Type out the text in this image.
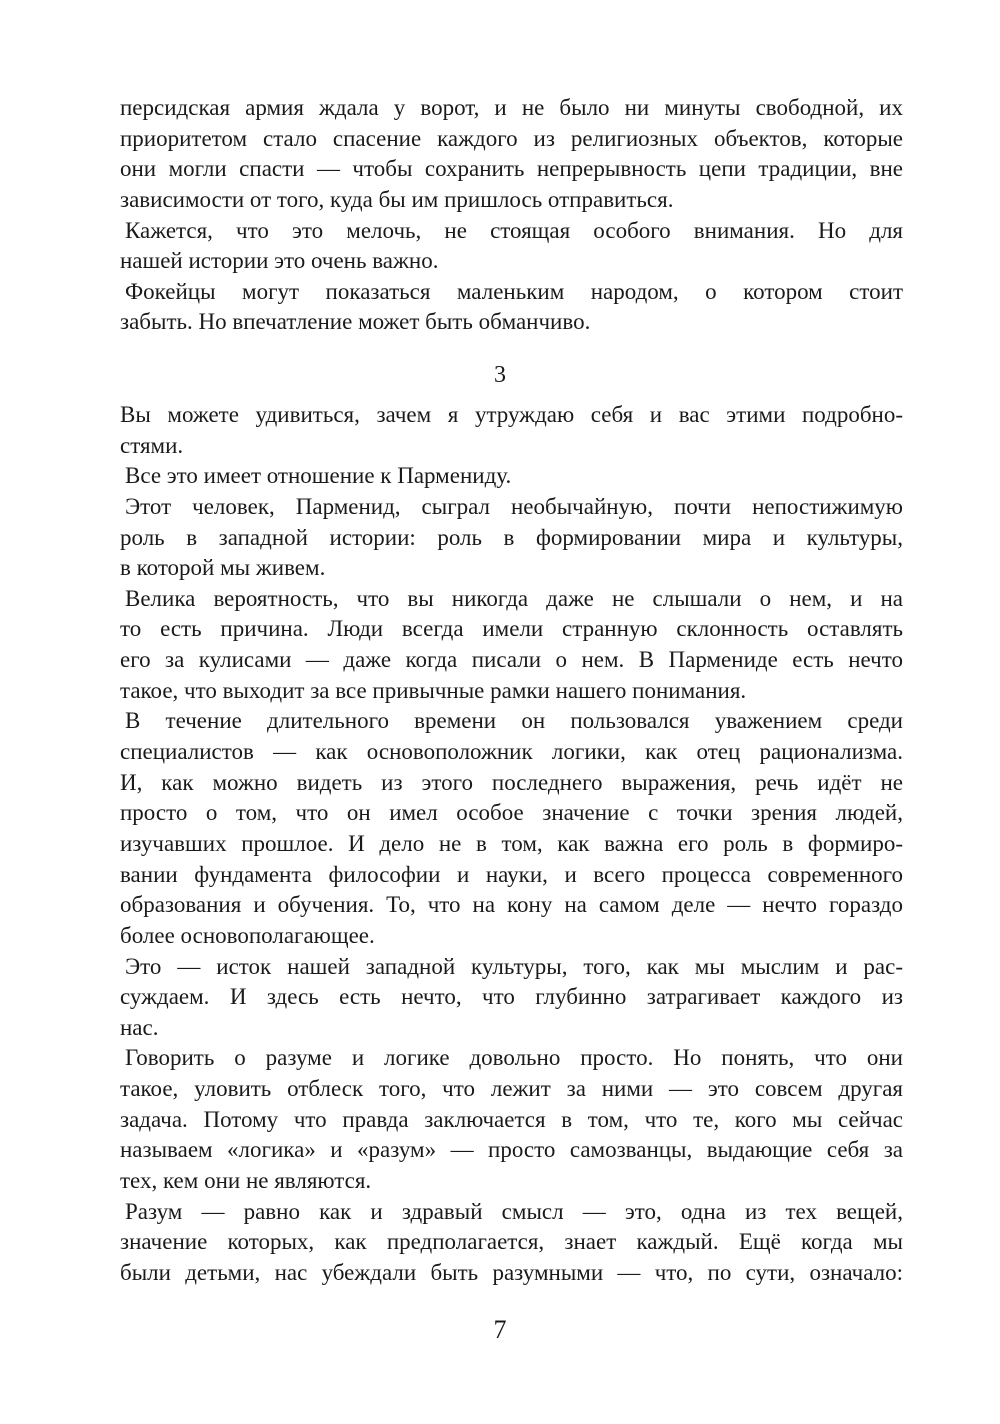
персидская армия ждала у ворот, и не было ни минуты свободной, их
приоритетом стало спасение каждого из религиозных объектов, которые
они могли спасти — чтобы сохранить непрерывность цепи традиции, вне
зависимости от того, куда бы им пришлось отправиться.
Кажется, что это мелочь, не стоящая особого внимания. Но для
нашей истории это очень важно.
Фокейцы могут показаться маленьким народом, о котором стоит
забыть. Но впечатление может быть обманчиво.
3
Вы можете удивиться, зачем я утруждаю себя и вас этими подробно-
стями.
Все это имеет отношение к Пармениду.
Этот человек, Парменид, сыграл необычайную, почти непостижимую
роль в западной истории: роль в формировании мира и культуры,
в которой мы живем.
Велика вероятность, что вы никогда даже не слышали о нем, и на
то есть причина. Люди всегда имели странную склонность оставлять
его за кулисами — даже когда писали о нем. В Пармениде есть нечто
такое, что выходит за все привычные рамки нашего понимания.
В течение длительного времени он пользовался уважением среди
специалистов — как основоположник логики, как отец рационализма.
И, как можно видеть из этого последнего выражения, речь идёт не
просто о том, что он имел особое значение с точки зрения людей,
изучавших прошлое. И дело не в том, как важна его роль в формиро-
вании фундамента философии и науки, и всего процесса современного
образования и обучения. То, что на кону на самом деле — нечто гораздо
более основополагающее.
Это — исток нашей западной культуры, того, как мы мыслим и рас-
суждаем. И здесь есть нечто, что глубинно затрагивает каждого из
нас.
Говорить о разуме и логике довольно просто. Но понять, что они
такое, уловить отблеск того, что лежит за ними — это совсем другая
задача. Потому что правда заключается в том, что те, кого мы сейчас
называем «логика» и «разум» — просто самозванцы, выдающие себя за
тех, кем они не являются.
Разум — равно как и здравый смысл — это, одна из тех вещей,
значение которых, как предполагается, знает каждый. Ещё когда мы
были детьми, нас убеждали быть разумными — что, по сути, означало:
7
